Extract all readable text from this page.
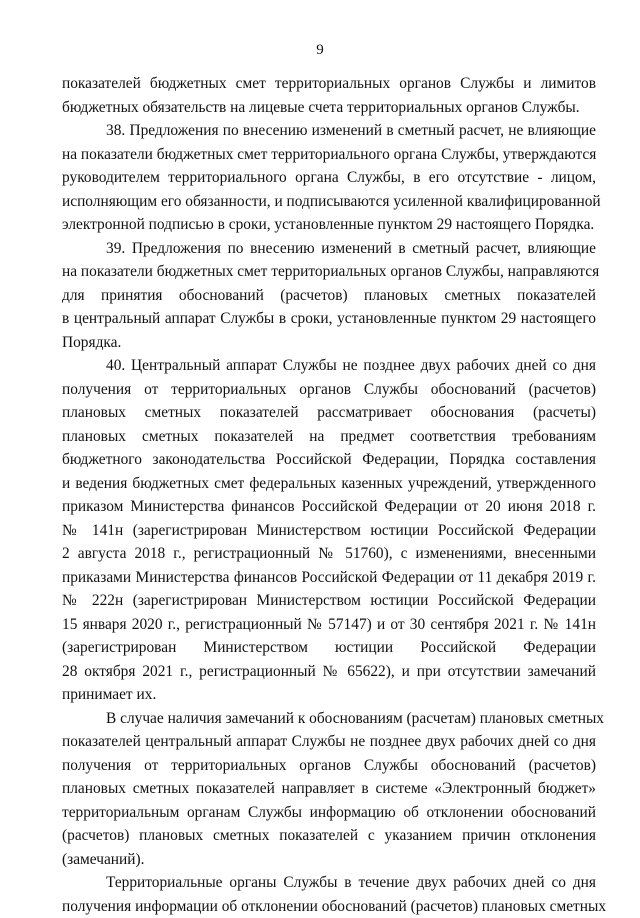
9
показателей бюджетных смет территориальных органов Службы и лимитов
бюджетных обязательств на лицевые счета территориальных органов Службы.
38. Предложения по внесению изменений в сметный расчет, не влияющие
на показатели бюджетных смет территориального органа Службы, утверждаются
руководителем территориального органа Службы, в его отсутствие - лицом,
исполняющим его обязанности, и подписываются усиленной квалифицированной
электронной подписью в сроки, установленные пунктом 29 настоящего Порядка.
39. Предложения по внесению изменений в сметный расчет, влияющие
на показатели бюджетных смет территориальных органов Службы, направляются
для принятия обоснований (расчетов) плановых сметных показателей
в центральный аппарат Службы в сроки, установленные пунктом 29 настоящего
Порядка.
40. Центральный аппарат Службы не позднее двух рабочих дней со дня
получения от территориальных органов Службы обоснований (расчетов)
плановых сметных показателей рассматривает обоснования (расчеты)
плановых сметных показателей на предмет соответствия требованиям
бюджетного законодательства Российской Федерации, Порядка составления
и ведения бюджетных смет федеральных казенных учреждений, утвержденного
приказом Министерства финансов Российской Федерации от 20 июня 2018 г.
№ 141н (зарегистрирован Министерством юстиции Российской Федерации
2 августа 2018 г., регистрационный № 51760), с изменениями, внесенными
приказами Министерства финансов Российской Федерации от 11 декабря 2019 г.
№ 222н (зарегистрирован Министерством юстиции Российской Федерации
15 января 2020 г., регистрационный № 57147) и от 30 сентября 2021 г. № 141н
(зарегистрирован Министерством юстиции Российской Федерации
28 октября 2021 г., регистрационный № 65622), и при отсутствии замечаний
принимает их.
В случае наличия замечаний к обоснованиям (расчетам) плановых сметных
показателей центральный аппарат Службы не позднее двух рабочих дней со дня
получения от территориальных органов Службы обоснований (расчетов)
плановых сметных показателей направляет в системе «Электронный бюджет»
территориальным органам Службы информацию об отклонении обоснований
(расчетов) плановых сметных показателей с указанием причин отклонения
(замечаний).
Территориальные органы Службы в течение двух рабочих дней со дня
получения информации об отклонении обоснований (расчетов) плановых сметных
